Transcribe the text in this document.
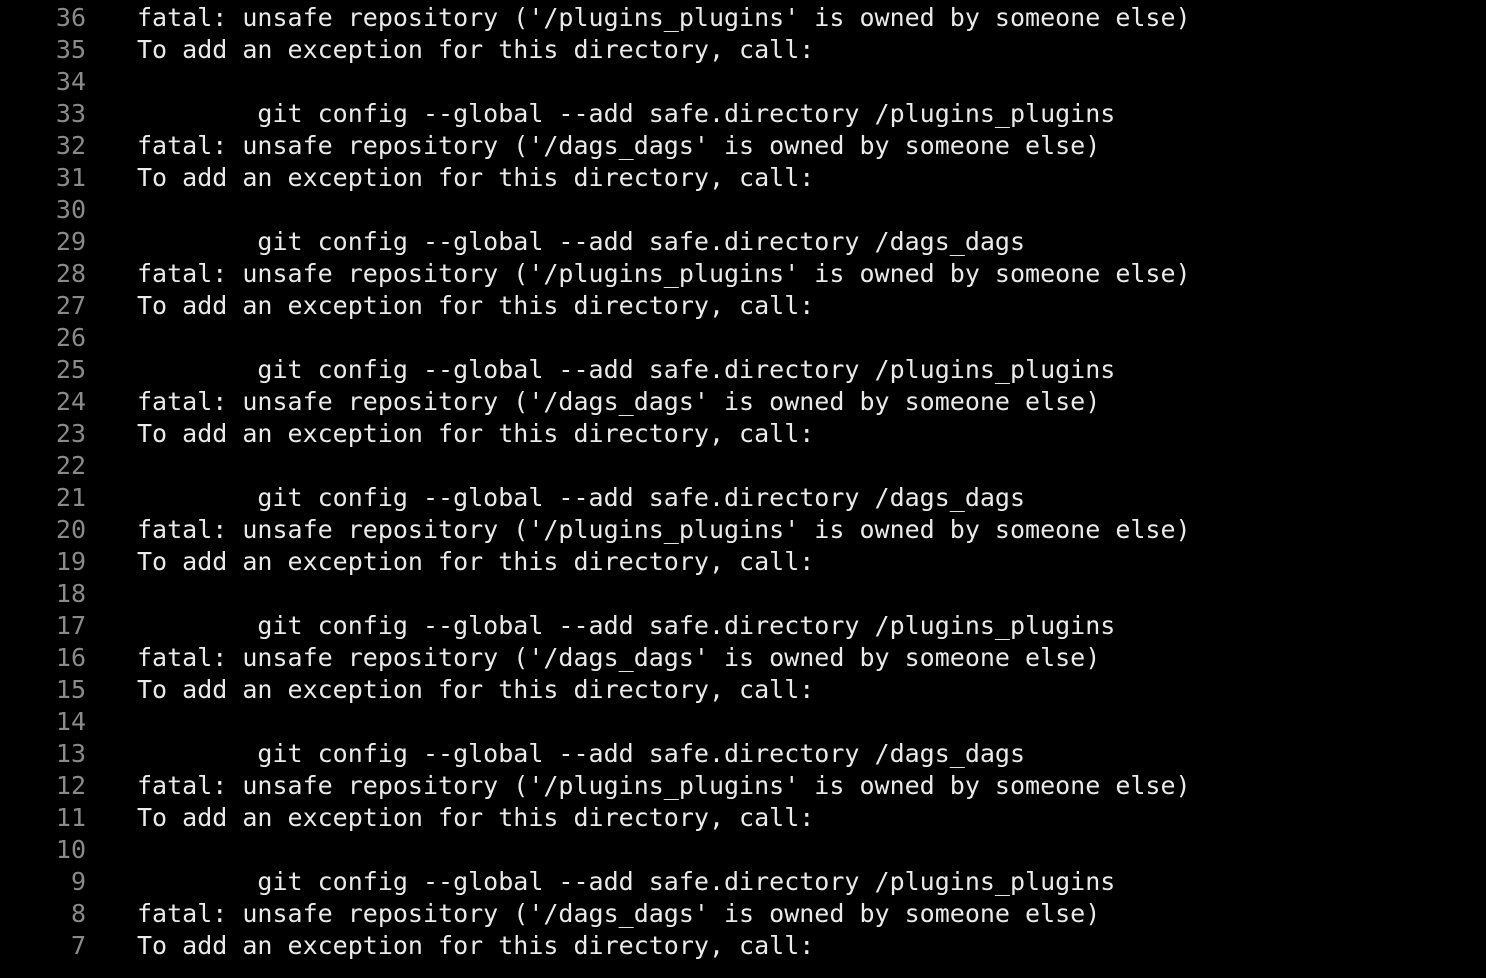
36 fatal: unsafe repository ('/plugins_plugins' is owned by someone else)
35 To add an exception for this directory, call:
34
33 git config --global --add safe.directory /plugins_plugins
32 fatal: unsafe repository ('/dags_dags' is owned by someone else)
31 To add an exception for this directory, call:
30
29 git config --global --add safe.directory /dags_dags
28 fatal: unsafe repository ('/plugins_plugins' is owned by someone else)
27 To add an exception for this directory, call:
26
25 git config --global --add safe.directory /plugins_plugins
24 fatal: unsafe repository ('/dags_dags' is owned by someone else)
23 To add an exception for this directory, call:
22
21 git config --global --add safe.directory /dags_dags
20 fatal: unsafe repository ('/plugins_plugins' is owned by someone else)
19 To add an exception for this directory, call:
18
17 git config --global --add safe.directory /plugins_plugins
16 fatal: unsafe repository ('/dags_dags' is owned by someone else)
15 To add an exception for this directory, call:
14
13 git config --global --add safe.directory /dags_dags
12 fatal: unsafe repository ('/plugins_plugins' is owned by someone else)
11 To add an exception for this directory, call:
10
9 git config --global --add safe.directory /plugins_plugins
8 fatal: unsafe repository ('/dags_dags' is owned by someone else)
7 To add an exception for this directory, call:
